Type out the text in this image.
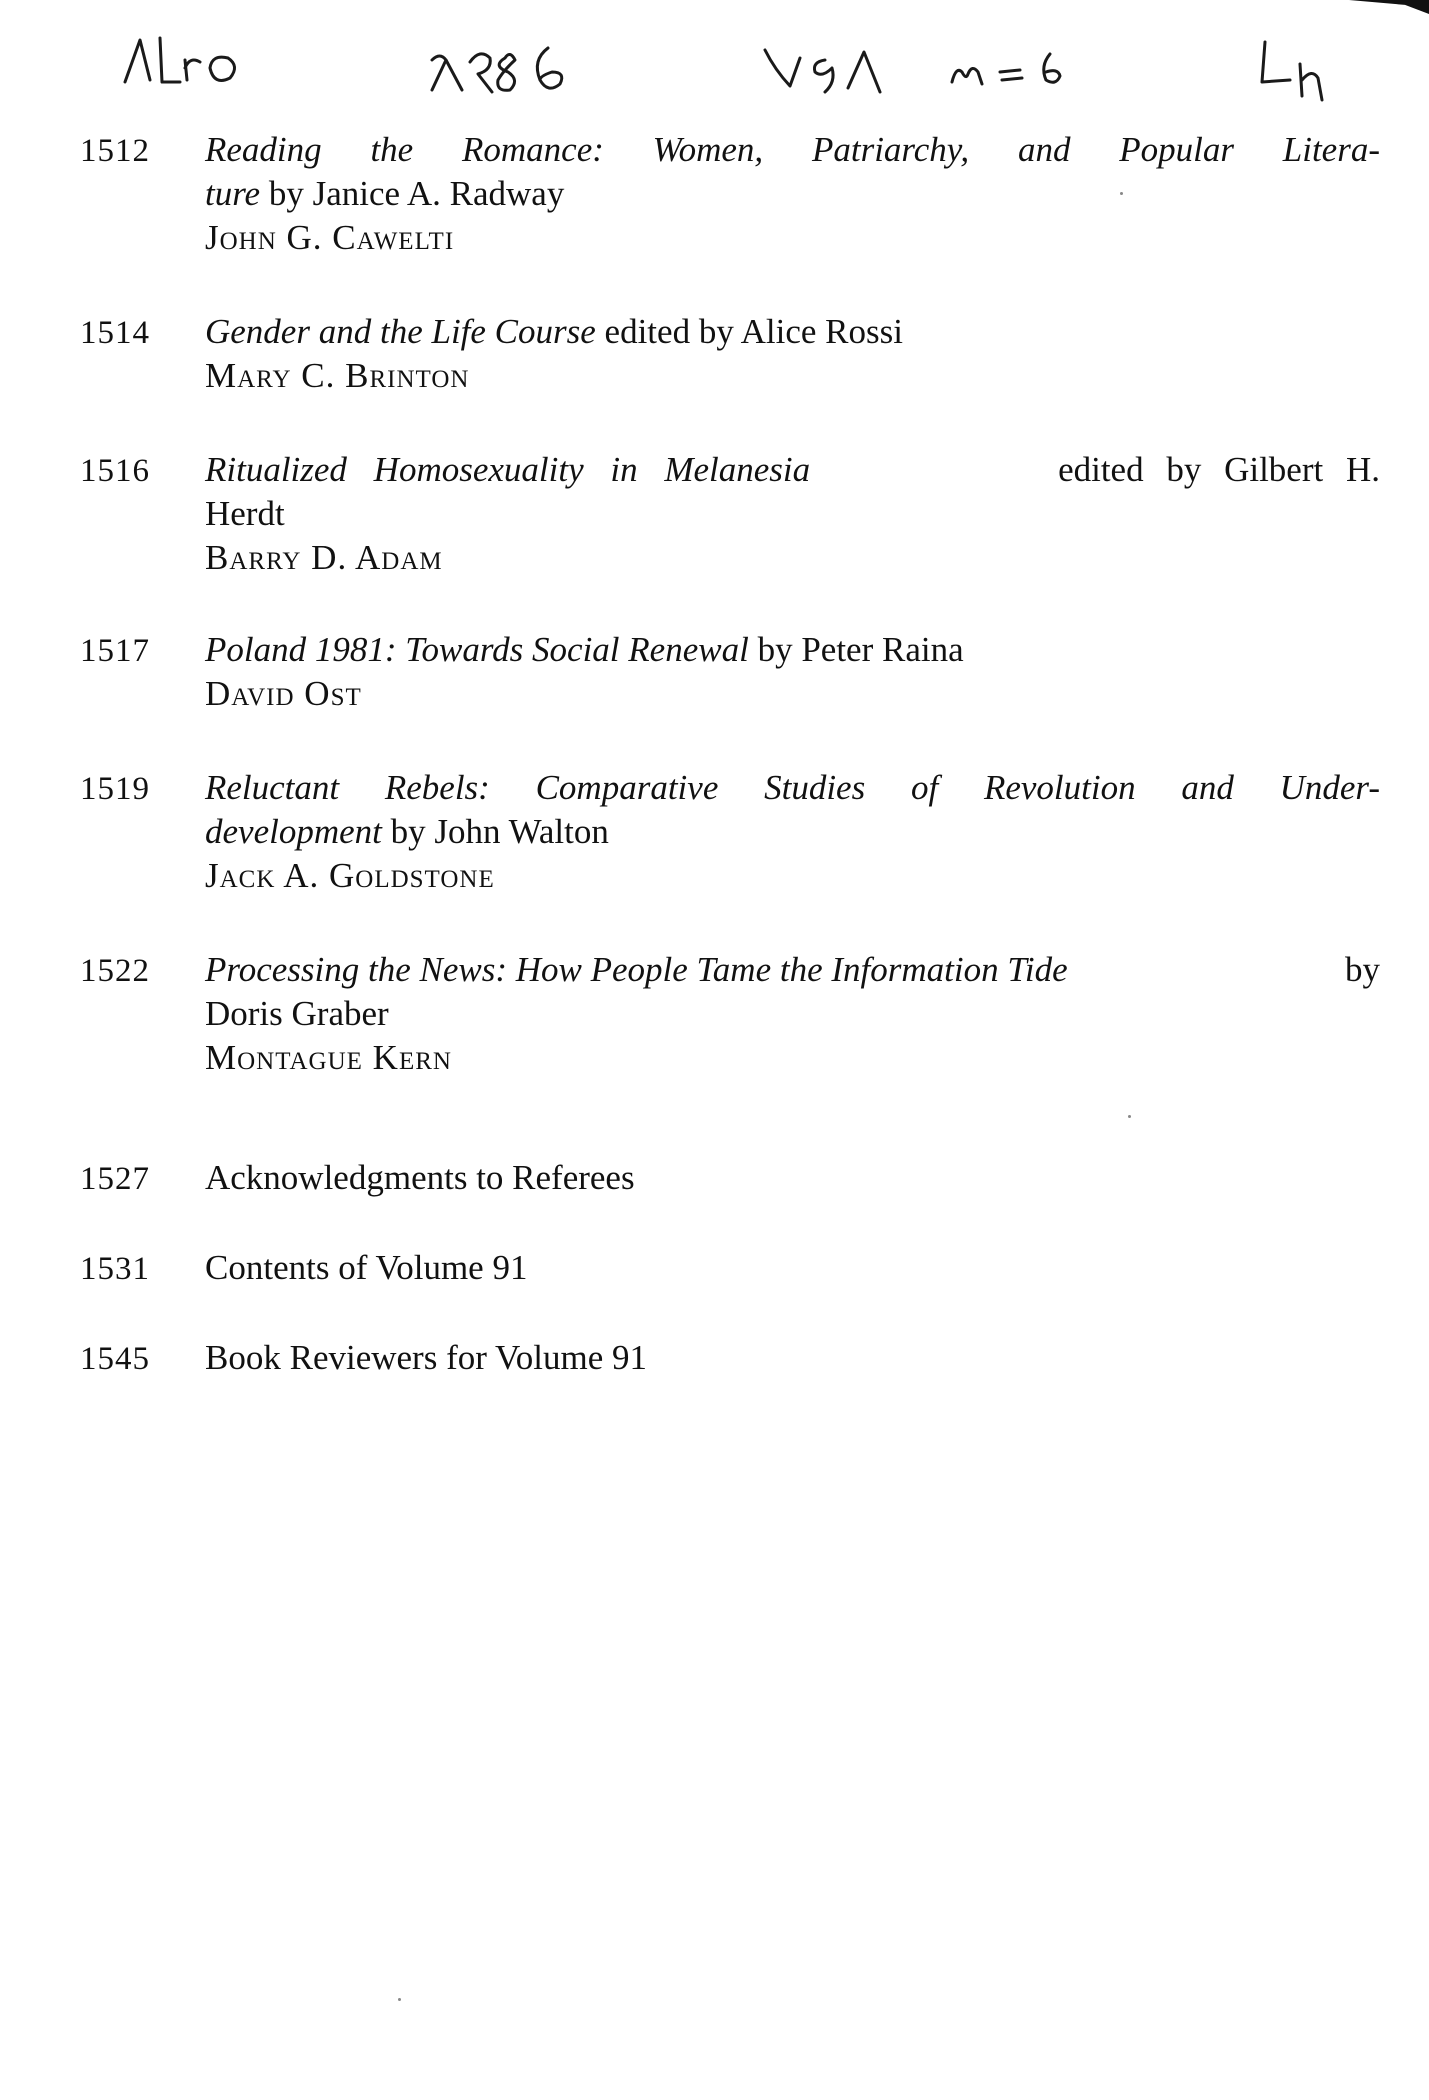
1512 Reading the Romance: Women, Patriarchy, and Popular Litera-
ture by Janice A. Radway
John G. Cawelti
1514 Gender and the Life Course edited by Alice Rossi
Mary C. Brinton
1516 Ritualized Homosexuality in Melanesia	edited by Gilbert H.
Herdt
Barry D. Adam
1517 Poland 1981: Towards Social Renewal by Peter Raina
David Ost
1519 Reluctant Rebels: Comparative Studies of Revolution and Under-
development by John Walton
Jack A. Goldstone
1522 Processing the News: How People Tame the Information Tide	by
Doris Graber
Montague Kern
1527 Acknowledgments to Referees
1531 Contents of Volume 91
1545 Book Reviewers for Volume 91
